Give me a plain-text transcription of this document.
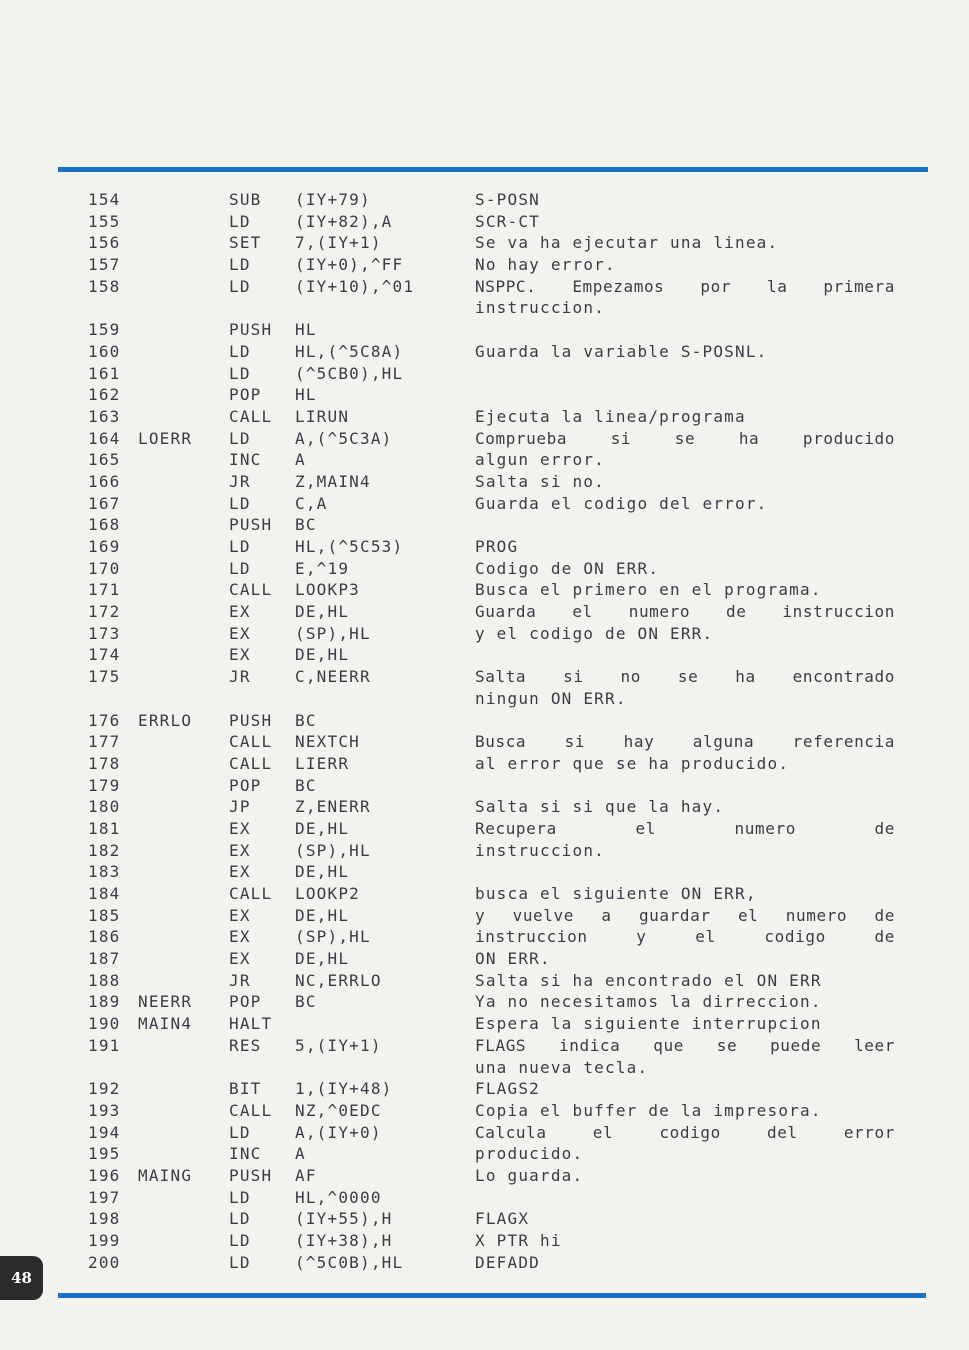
154	SUB (IY+79)	S-POSN
155	LD	(IY+82),A	SCR-CT
156	SET 7,(IY+1)	Se va ha ejecutar una linea.
157	LD	(IY+0),^FF	No hay error.
158	LD	(IY+10),^01	NSPPC. Empezamos por la primera
instruccion.
159	PUSH HL
160	LD	HL,(^5C8A)	Guarda la variable S-POSNL.
161	LD	(^5CB0),HL
162	POP HL
163	CALL LIRUN	Ejecuta la linea/programa
164 LOERR LD	A,(^5C3A)	Comprueba si se ha producido
165	INC A	algun error.
166	JR	Z,MAIN4	Salta si no.
167	LD	C,A	Guarda el codigo del error.
168	PUSH BC
169	LD	HL,(^5C53)	PROG
170	LD	E,^19	Codigo de ON ERR.
171	CALL LOOKP3	Busca el primero en el programa.
172	EX	DE,HL	Guarda el numero de instruccion
173	EX	(SP),HL	y el codigo de ON ERR.
174	EX	DE,HL
175	JR	C,NEERR	Salta si no se ha encontrado
ningun ON ERR.
176 ERRLO PUSH BC
177	CALL NEXTCH	Busca si hay alguna referencia
178	CALL LIERR	al error que se ha producido.
179	POP BC
180	JP	Z,ENERR	Salta si si que la hay.
181	EX	DE,HL	Recupera el numero de
182	EX	(SP),HL	instruccion.
183	EX	DE,HL
184	CALL LOOKP2	busca el siguiente ON ERR,
185	EX	DE,HL	y vuelve a guardar el numero de
186	EX	(SP),HL	instruccion y el codigo de
187	EX	DE,HL	ON ERR.
188	JR	NC,ERRLO	Salta si ha encontrado el ON ERR
189 NEERR POP BC	Ya no necesitamos la dirreccion.
190 MAIN4 HALT	Espera la siguiente interrupcion
191	RES 5,(IY+1)	FLAGS indica que se puede leer
una nueva tecla.
192	BIT 1,(IY+48)	FLAGS2
193	CALL NZ,^0EDC	Copia el buffer de la impresora.
194	LD	A,(IY+0)	Calcula el codigo del error
195	INC A	producido.
196 MAING PUSH AF	Lo guarda.
197	LD	HL,^0000
198	LD	(IY+55),H	FLAGX
199	LD	(IY+38),H	X PTR hi
200	LD	(^5C0B),HL	DEFADD
48
